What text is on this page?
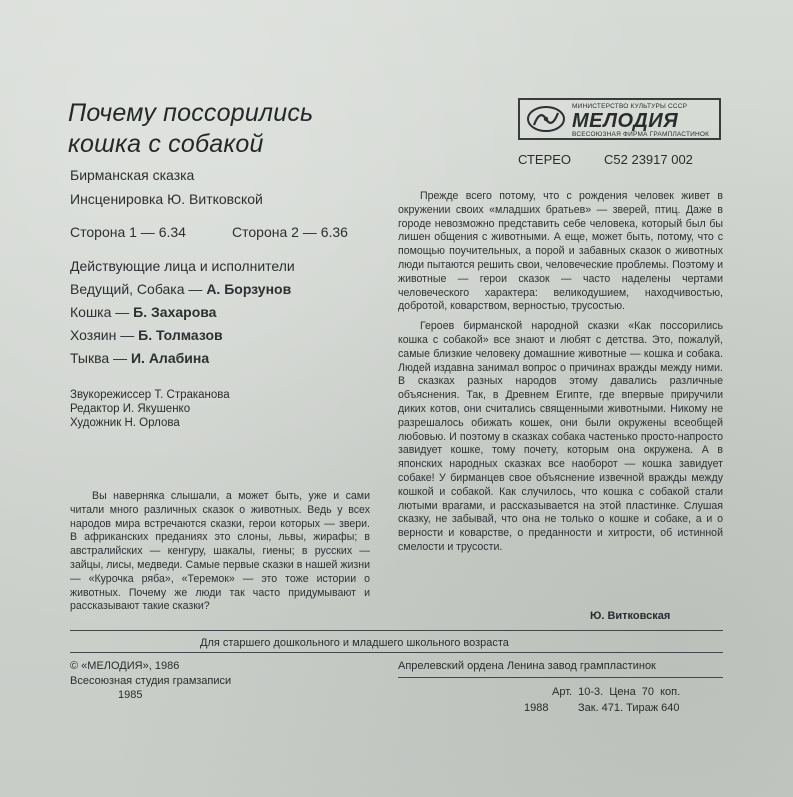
Почему поссорились
кошка с собакой
Бирманская сказка
Инсценировка Ю. Витковской
Сторона 1 — 6.34	Сторона 2 — 6.36
Действующие лица и исполнители
Ведущий, Собака — А. Борзунов
Кошка — Б. Захарова
Хозяин — Б. Толмазов
Тыква — И. Алабина
Звукорежиссер Т. Страканова
Редактор И. Якушенко
Художник Н. Орлова

Вы наверняка слышали, а может быть, уже и сами читали много различных сказок о животных. Ведь у всех народов мира встречаются сказки, герои которых — звери. В африканских преданиях это слоны, львы, жирафы; в австралийских — кенгуру, шакалы, гиены; в русских — зайцы, лисы, медведи. Самые первые сказки в нашей жизни — «Курочка ряба», «Теремок» — это тоже истории о животных. Почему же люди так часто придумывают и рассказывают такие сказки?

МИНИСТЕРСТВО КУЛЬТУРЫ СССР
МЕЛОДИЯ
ВСЕСОЮЗНАЯ ФИРМА ГРАМПЛАСТИНОК
СТЕРЕО	С52 23917 002

Прежде всего потому, что с рождения человек живет в окружении своих «младших братьев» — зверей, птиц. Даже в городе невозможно представить себе человека, который был бы лишен общения с животными. А еще, может быть, потому, что с помощью поучительных, а порой и забавных сказок о животных люди пытаются решить свои, человеческие проблемы. Поэтому и животные — герои сказок — часто наделены чертами человеческого характера: великодушием, находчивостью, добротой, коварством, верностью, трусостью.

Героев бирманской народной сказки «Как поссорились кошка с собакой» все знают и любят с детства. Это, пожалуй, самые близкие человеку домашние животные — кошка и собака. Людей издавна занимал вопрос о причинах вражды между ними. В сказках разных народов этому давались различные объяснения. Так, в Древнем Египте, где впервые приручили диких котов, они считались священными животными. Никому не разрешалось обижать кошек, они были окружены всеобщей любовью. И поэтому в сказках собака частенько просто-напросто завидует кошке, тому почету, которым она окружена. А в японских народных сказках все наоборот — кошка завидует собаке! У бирманцев свое объяснение извечной вражды между кошкой и собакой. Как случилось, что кошка с собакой стали лютыми врагами, и рассказывается на этой пластинке. Слушая сказку, не забывай, что она не только о кошке и собаке, а и о верности и коварстве, о преданности и хитрости, об истинной смелости и трусости.

Ю. Витковская
Для старшего дошкольного и младшего школьного возраста
© «МЕЛОДИЯ», 1986
Всесоюзная студия грамзаписи
1985
Апрелевский ордена Ленина завод грампластинок
Арт. 10-3. Цена 70 коп.
1988	Зак. 471. Тираж 640
